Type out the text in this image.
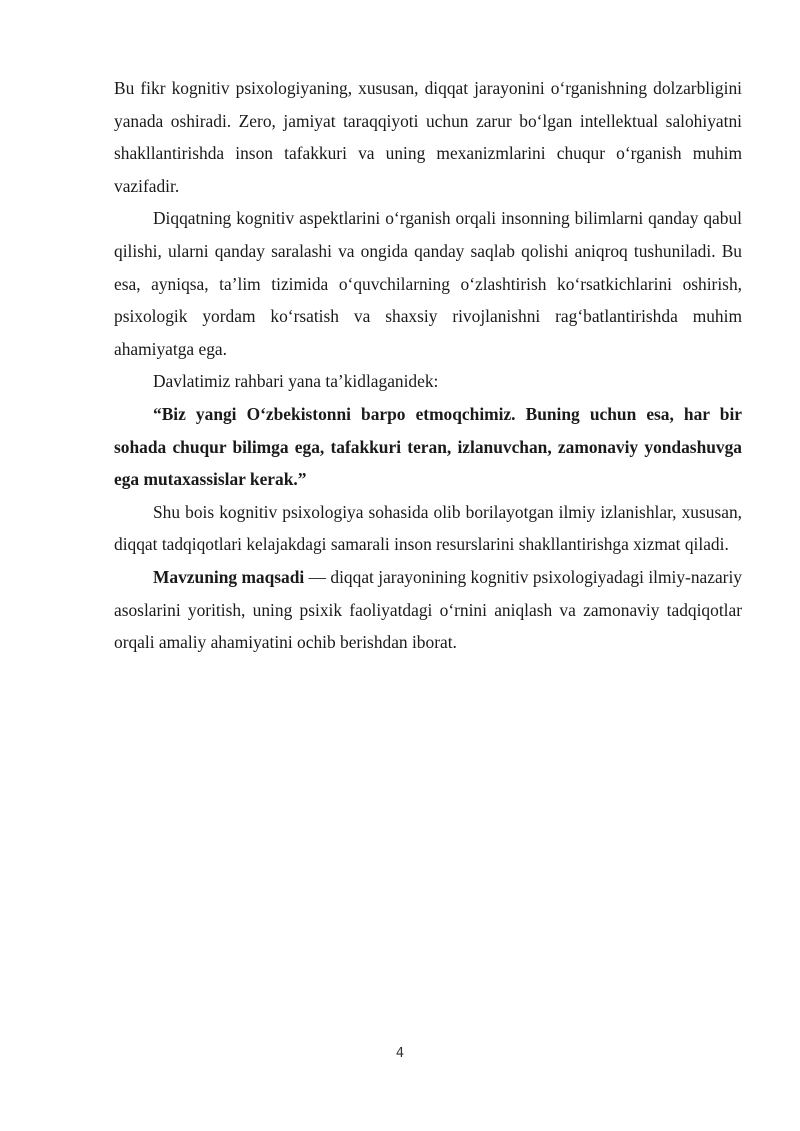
Bu fikr kognitiv psixologiyaning, xususan, diqqat jarayonini o‘rganishning dolzarbligini yanada oshiradi. Zero, jamiyat taraqqiyoti uchun zarur bo‘lgan intellektual salohiyatni shakllantirishda inson tafakkuri va uning mexanizmlarini chuqur o‘rganish muhim vazifadir.

Diqqatning kognitiv aspektlarini o‘rganish orqali insonning bilimlarni qanday qabul qilishi, ularni qanday saralashi va ongida qanday saqlab qolishi aniqroq tushuniladi. Bu esa, ayniqsa, ta’lim tizimida o‘quvchilarning o‘zlashtirish ko‘rsatkichlarini oshirish, psixologik yordam ko‘rsatish va shaxsiy rivojlanishni rag‘batlantirishda muhim ahamiyatga ega.

Davlatimiz rahbari yana ta’kidlaganidek:

“Biz yangi O‘zbekistonni barpo etmoqchimiz. Buning uchun esa, har bir sohada chuqur bilimga ega, tafakkuri teran, izlanuvchan, zamonaviy yondashuvga ega mutaxassislar kerak.”

Shu bois kognitiv psixologiya sohasida olib borilayotgan ilmiy izlanishlar, xususan, diqqat tadqiqotlari kelajakdagi samarali inson resurslarini shakllantirishga xizmat qiladi.

Mavzuning maqsadi — diqqat jarayonining kognitiv psixologiyadagi ilmiy-nazariy asoslarini yoritish, uning psixik faoliyatdagi o‘rnini aniqlash va zamonaviy tadqiqotlar orqali amaliy ahamiyatini ochib berishdan iborat.

4
